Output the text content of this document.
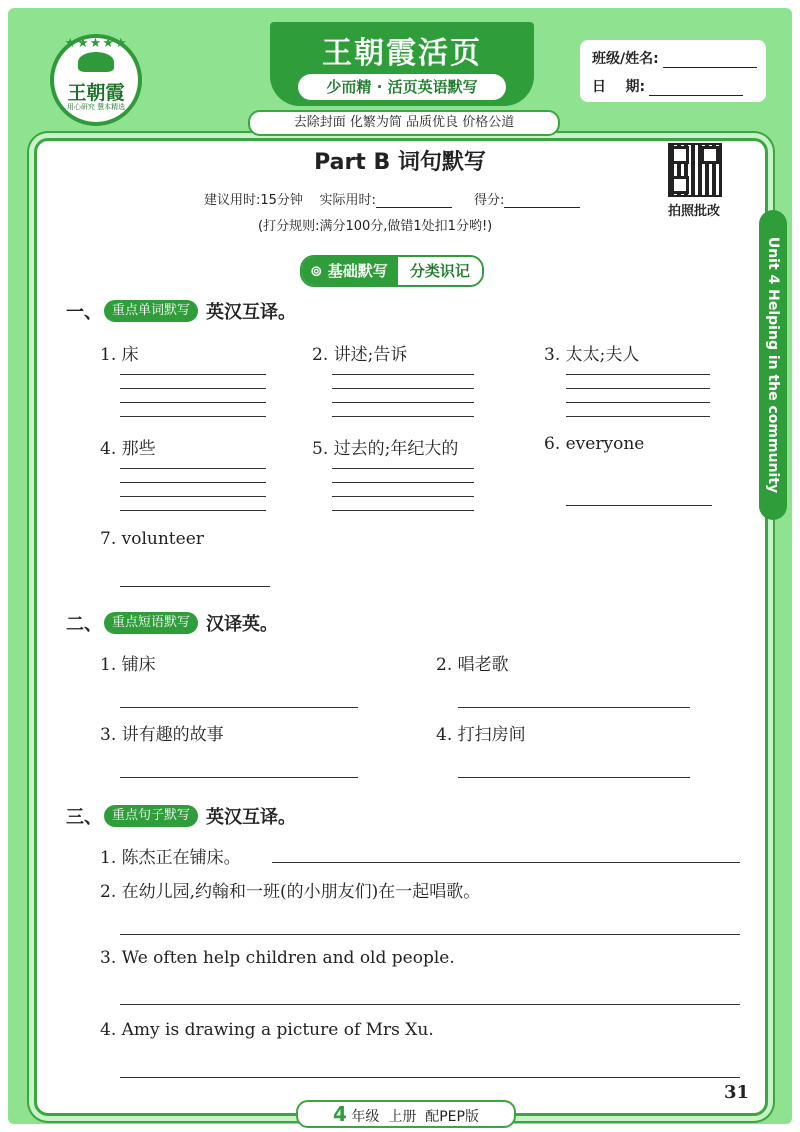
★★★★★
王朝霞
用心研究 慧本精选
王朝霞活页
少而精 · 活页英语默写
去除封面 化繁为简 品质优良 价格公道
班级/姓名:
日    期:
Unit 4 Helping in the community
Part B 词句默写
建议用时:15分钟 实际用时:	得分:
(打分规则:满分100分,做错1处扣1分哟!)
拍照批改
⊚ 基础默写	分类识记
一、 重点单词默写 英汉互译。
1. 床	2. 讲述;告诉	3. 太太;夫人
4. 那些	5. 过去的;年纪大的	6. everyone
7. volunteer
二、 重点短语默写 汉译英。
1. 铺床	2. 唱老歌
3. 讲有趣的故事	4. 打扫房间
三、 重点句子默写 英汉互译。
1. 陈杰正在铺床。
2. 在幼儿园,约翰和一班(的小朋友们)在一起唱歌。
3. We often help children and old people.
4. Amy is drawing a picture of Mrs Xu.
4 年级  上册  配PEP版
31
